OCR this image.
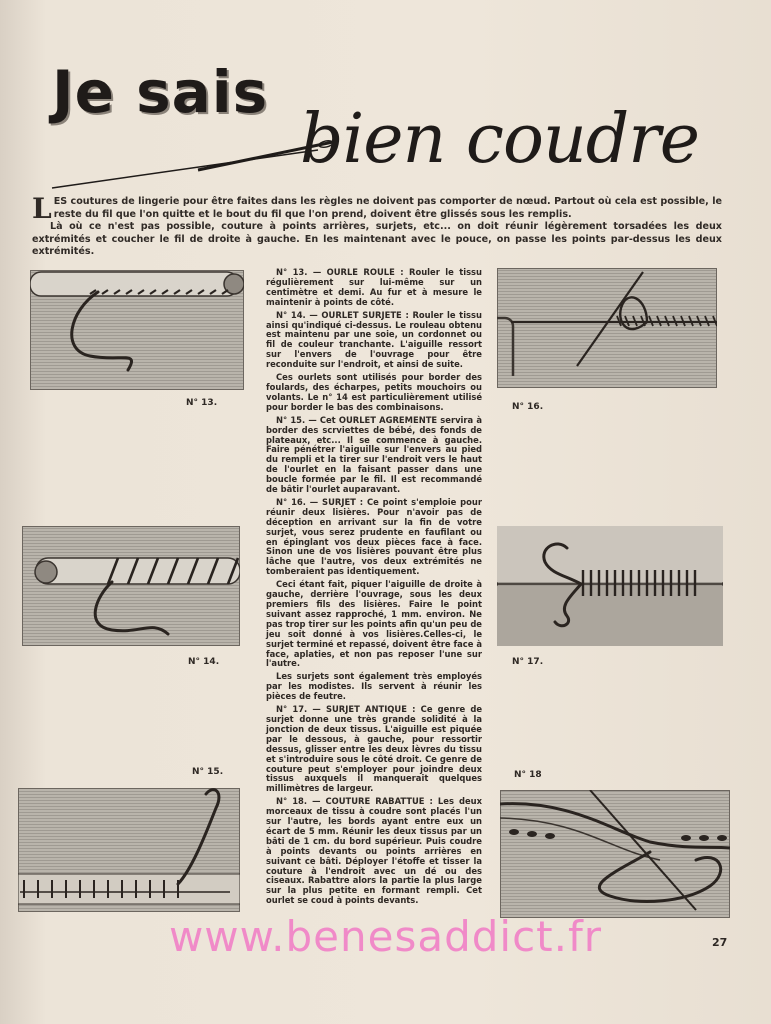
Je sais
bien coudre
L ES coutures de lingerie pour être faites dans les règles ne doivent pas comporter de nœud. Partout où cela est possible, le reste du fil que l'on quitte et le bout du fil que l'on prend, doivent être glissés sous les remplis.

Là où ce n'est pas possible, couture à points arrières, surjets, etc... on doit réunir légèrement torsadées les deux extrémités et coucher le fil de droite à gauche. En les maintenant avec le pouce, on passe les points par-dessus les deux extrémités.

N° 13.
N° 14.
N° 15.
N° 16.
N° 17.
N° 18

N° 13. — OURLE ROULE : Rouler le tissu régulièrement sur lui-même sur un centimètre et demi. Au fur et à mesure le maintenir à points de côté.

N° 14. — OURLET SURJETE : Rouler le tissu ainsi qu'indiqué ci-dessus. Le rouleau obtenu est maintenu par une soie, un cordonnet ou fil de couleur tranchante. L'aiguille ressort sur l'envers de l'ouvrage pour être reconduite sur l'endroit, et ainsi de suite.

Ces ourlets sont utilisés pour border des foulards, des écharpes, petits mouchoirs ou volants. Le n° 14 est particulièrement utilisé pour border le bas des combinaisons.

N° 15. — Cet OURLET AGREMENTE servira à border des scrviettes de bébé, des fonds de plateaux, etc... Il se commence à gauche. Faire pénétrer l'aiguille sur l'envers au pied du rempli et la tirer sur l'endroit vers le haut de l'ourlet en la faisant passer dans une boucle formée par le fil. Il est recommandé de bâtir l'ourlet auparavant.

N° 16. — SURJET : Ce point s'emploie pour réunir deux lisières. Pour n'avoir pas de déception en arrivant sur la fin de votre surjet, vous serez prudente en faufilant ou en épinglant vos deux pièces face à face. Sinon une de vos lisières pouvant être plus lâche que l'autre, vos deux extrémités ne tomberaient pas identiquement.

Ceci étant fait, piquer l'aiguille de droite à gauche, derrière l'ouvrage, sous les deux premiers fils des lisières. Faire le point suivant assez rapproché, 1 mm. environ. Ne pas trop tirer sur les points afin qu'un peu de jeu soit donné à vos lisières.Celles-ci, le surjet terminé et repassé, doivent être face à face, aplaties, et non pas reposer l'une sur l'autre.

Les surjets sont également très employés par les modistes. Ils servent à réunir les pièces de feutre.

N° 17. — SURJET ANTIQUE : Ce genre de surjet donne une très grande solidité à la jonction de deux tissus. L'aiguille est piquée par le dessous, à gauche, pour ressortir dessus, glisser entre les deux lèvres du tissu et s'introduire sous le côté droit. Ce genre de couture peut s'employer pour joindre deux tissus auxquels il manquerait quelques millimètres de largeur.

N° 18. — COUTURE RABATTUE : Les deux morceaux de tissu à coudre sont placés l'un sur l'autre, les bords ayant entre eux un écart de 5 mm. Réunir les deux tissus par un bâti de 1 cm. du bord supérieur. Puis coudre à points devants ou points arrières en suivant ce bâti. Déployer l'étoffe et tisser la couture à l'endroit avec un dé ou des ciseaux. Rabattre alors la partie la plus large sur la plus petite en formant rempli. Cet ourlet se coud à points devants.

www.benesaddict.fr	27
